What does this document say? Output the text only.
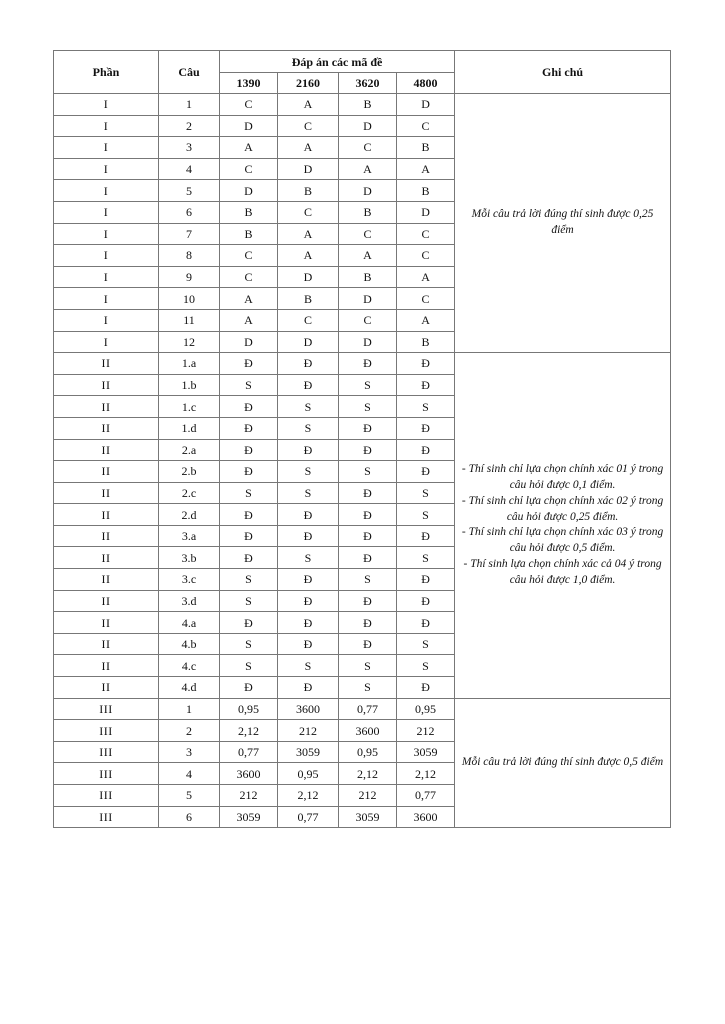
Phần	Câu	Đáp án các mã đề				Ghi chú
		1390	2160	3620	4800	
I	1	C	A	B	D	Mỗi câu trả lời đúng thí sinh được 0,25 điểm

I	2	D	C	D	C	
I	3	A	A	C	B	
I	4	C	D	A	A	
I	5	D	B	D	B	
I	6	B	C	B	D	
I	7	B	A	C	C	
I	8	C	A	A	C	
I	9	C	D	B	A	
I	10	A	B	D	C	
I	11	A	C	C	A	
I	12	D	D	D	B	
II	1.a	Đ	Đ	Đ	Đ	- Thí sinh chỉ lựa chọn chính xác 01 ý trong câu hỏi được 0,1 điểm.
- Thí sinh chỉ lựa chọn chính xác 02 ý trong câu hỏi được 0,25 điểm.
- Thí sinh chỉ lựa chọn chính xác 03 ý trong câu hỏi được 0,5 điểm.
- Thí sinh lựa chọn chính xác cả 04 ý trong câu hỏi được 1,0 điểm.

II	1.b	S	Đ	S	Đ	
II	1.c	Đ	S	S	S	
II	1.d	Đ	S	Đ	Đ	
II	2.a	Đ	Đ	Đ	Đ	
II	2.b	Đ	S	S	Đ	
II	2.c	S	S	Đ	S	
II	2.d	Đ	Đ	Đ	S	
II	3.a	Đ	Đ	Đ	Đ	
II	3.b	Đ	S	Đ	S	
II	3.c	S	Đ	S	Đ	
II	3.d	S	Đ	Đ	Đ	
II	4.a	Đ	Đ	Đ	Đ	
II	4.b	S	Đ	Đ	S	
II	4.c	S	S	S	S	
II	4.d	Đ	Đ	S	Đ	
III	1	0,95	3600	0,77	0,95	Mỗi câu trả lời đúng thí sinh được 0,5 điểm

III	2	2,12	212	3600	212	
III	3	0,77	3059	0,95	3059	
III	4	3600	0,95	2,12	2,12	
III	5	212	2,12	212	0,77	
III	6	3059	0,77	3059	3600	
